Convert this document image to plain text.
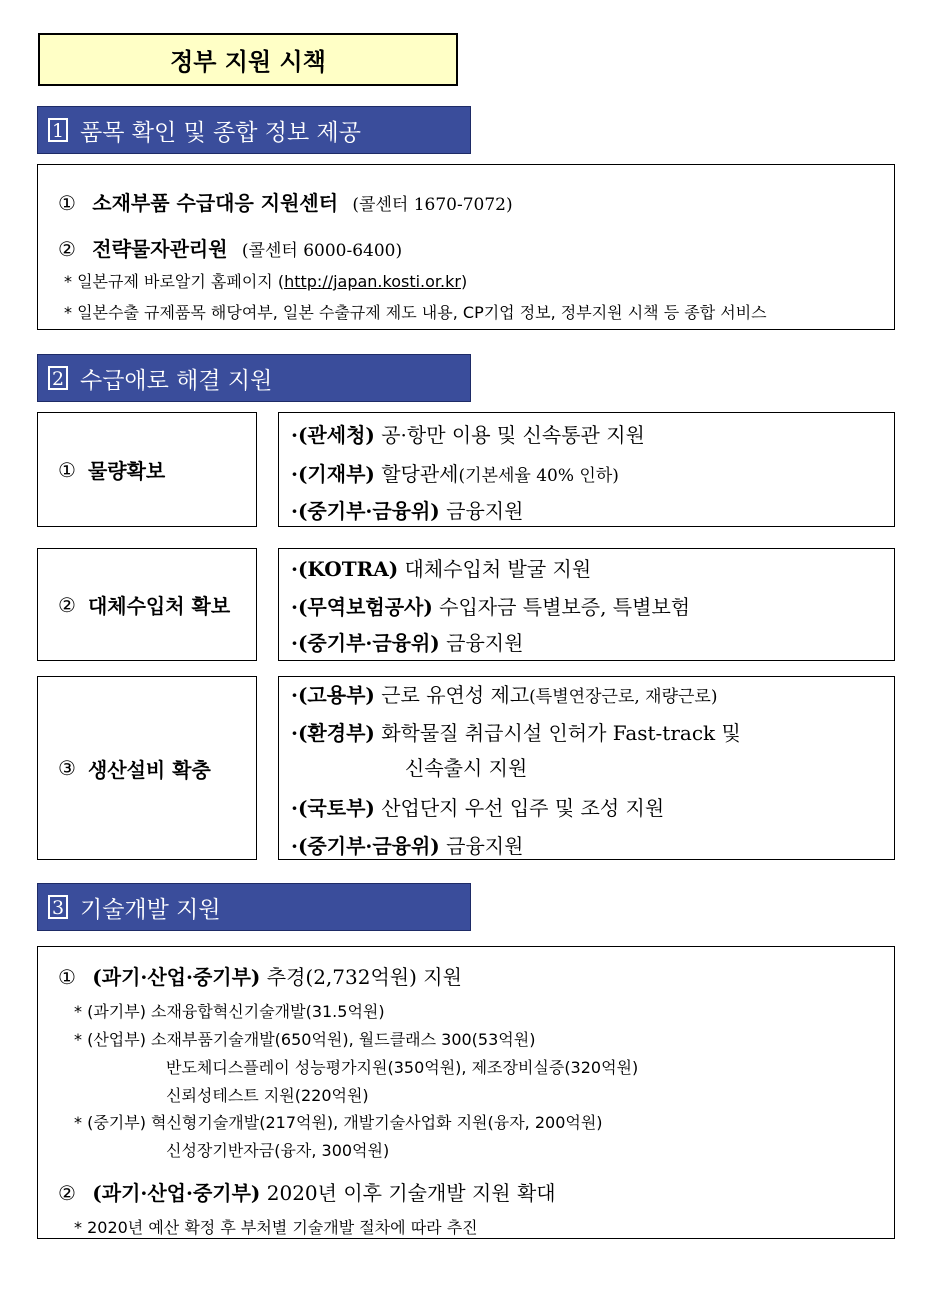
정부 지원 시책
1 품목 확인 및 종합 정보 제공
① 소재부품 수급대응 지원센터 (콜센터 1670-7072)
② 전략물자관리원 (콜센터 6000-6400)
* 일본규제 바로알기 홈페이지 (http://japan.kosti.or.kr)
* 일본수출 규제품목 해당여부, 일본 수출규제 제도 내용, CP기업 정보, 정부지원 시책 등 종합 서비스
2 수급애로 해결 지원
① 물량확보
·(관세청) 공·항만 이용 및 신속통관 지원
·(기재부) 할당관세(기본세율 40% 인하)
·(중기부·금융위) 금융지원
② 대체수입처 확보
·(KOTRA) 대체수입처 발굴 지원
·(무역보험공사) 수입자금 특별보증, 특별보험
·(중기부·금융위) 금융지원
③ 생산설비 확충
·(고용부) 근로 유연성 제고(특별연장근로, 재량근로)
·(환경부) 화학물질 취급시설 인허가 Fast-track 및
신속출시 지원
·(국토부) 산업단지 우선 입주 및 조성 지원
·(중기부·금융위) 금융지원
3 기술개발 지원
① (과기·산업·중기부) 추경(2,732억원) 지원
* (과기부) 소재융합혁신기술개발(31.5억원)
* (산업부) 소재부품기술개발(650억원), 월드클래스 300(53억원)
반도체디스플레이 성능평가지원(350억원), 제조장비실증(320억원)
신뢰성테스트 지원(220억원)
* (중기부) 혁신형기술개발(217억원), 개발기술사업화 지원(융자, 200억원)
신성장기반자금(융자, 300억원)
② (과기·산업·중기부) 2020년 이후 기술개발 지원 확대
* 2020년 예산 확정 후 부처별 기술개발 절차에 따라 추진
